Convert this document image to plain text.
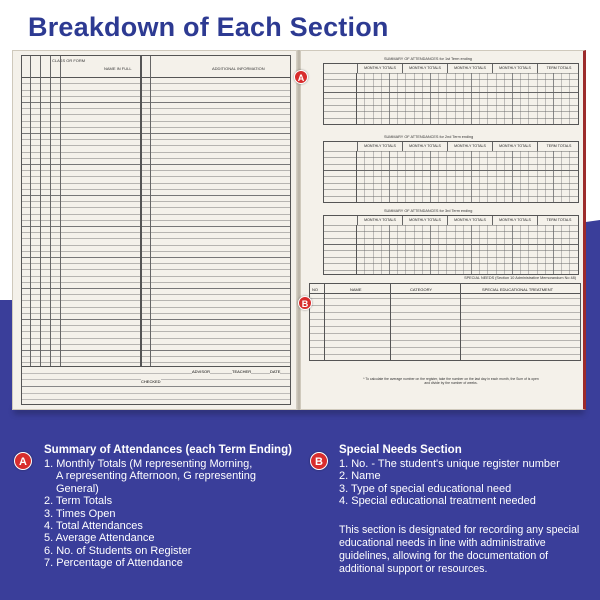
Breakdown of Each Section
CLASS OR FORM
NAME IN FULL	ADDITIONAL INFORMATION
ADVISOR	TEACHER	DATE
CHECKED
SUMMARY OF ATTENDANCES for 1st Term ending
MONTHLY TOTALS	MONTHLY TOTALS	MONTHLY TOTALS	MONTHLY TOTALS	TERM TOTALS
SUMMARY OF ATTENDANCES for 2nd Term ending
MONTHLY TOTALS	MONTHLY TOTALS	MONTHLY TOTALS	MONTHLY TOTALS	TERM TOTALS
SUMMARY OF ATTENDANCES for 3rd Term ending
MONTHLY TOTALS	MONTHLY TOTALS	MONTHLY TOTALS	MONTHLY TOTALS	TERM TOTALS
SPECIAL NEEDS (Section 10 Administrative Memorandum No 48)
NO	NAME	CATEGORY	SPECIAL EDUCATIONAL TREATMENT
* To calculate the average number on the register, take the number on the last day in each month, the Sum of is open and divide by the number of weeks.
A
B
A
Summary of Attendances (each Term Ending)
1. Monthly Totals (M representing Morning,
A representing Afternoon, G representing
General)
2. Term Totals
3. Times Open
4. Total Attendances
5. Average Attendance
6. No. of Students on Register
7. Percentage of Attendance
B
Special Needs Section
1. No. - The student's unique register number
2. Name
3. Type of special educational need
4. Special educational treatment needed
This section is designated for recording any special educational needs in line with administrative guidelines, allowing for the documentation of additional support or resources.
